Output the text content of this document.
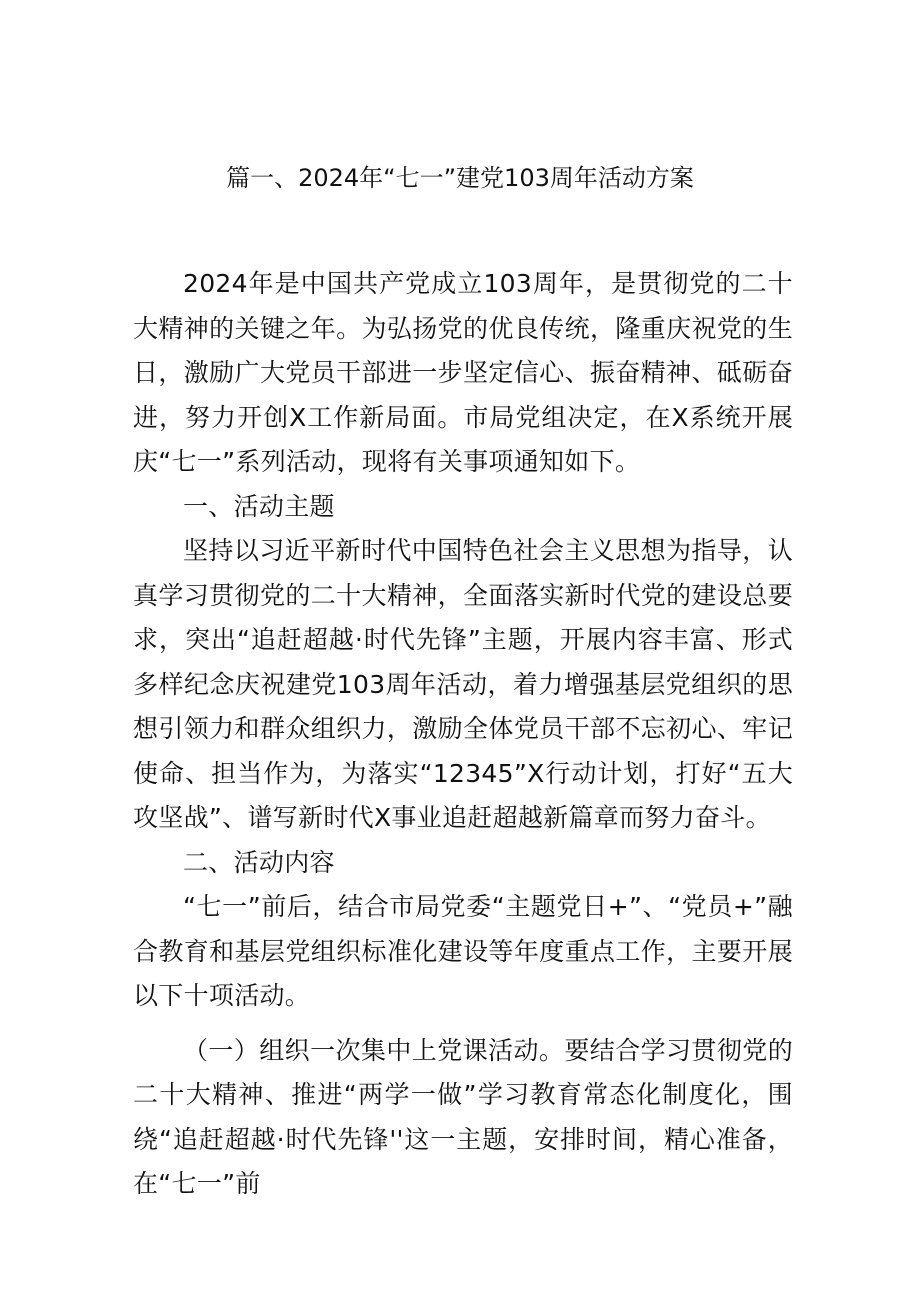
篇一、2024年“七一”建党103周年活动方案

2024年是中国共产党成立103周年，是贯彻党的二十大精神的关键之年。为弘扬党的优良传统，隆重庆祝党的生日，激励广大党员干部进一步坚定信心、振奋精神、砥砺奋进，努力开创X工作新局面。市局党组决定，在X系统开展庆“七一”系列活动，现将有关事项通知如下。

一、活动主题

坚持以习近平新时代中国特色社会主义思想为指导，认真学习贯彻党的二十大精神，全面落实新时代党的建设总要求，突出“追赶超越·时代先锋”主题，开展内容丰富、形式多样纪念庆祝建党103周年活动，着力增强基层党组织的思想引领力和群众组织力，激励全体党员干部不忘初心、牢记使命、担当作为，为落实“12345”X行动计划，打好“五大攻坚战”、谱写新时代X事业追赶超越新篇章而努力奋斗。

二、活动内容

“七一”前后，结合市局党委“主题党日+”、“党员+”融合教育和基层党组织标准化建设等年度重点工作，主要开展以下十项活动。

（一）组织一次集中上党课活动。要结合学习贯彻党的二十大精神、推进“两学一做”学习教育常态化制度化，围绕“追赶超越·时代先锋''这一主题，安排时间，精心准备，在“七一”前
